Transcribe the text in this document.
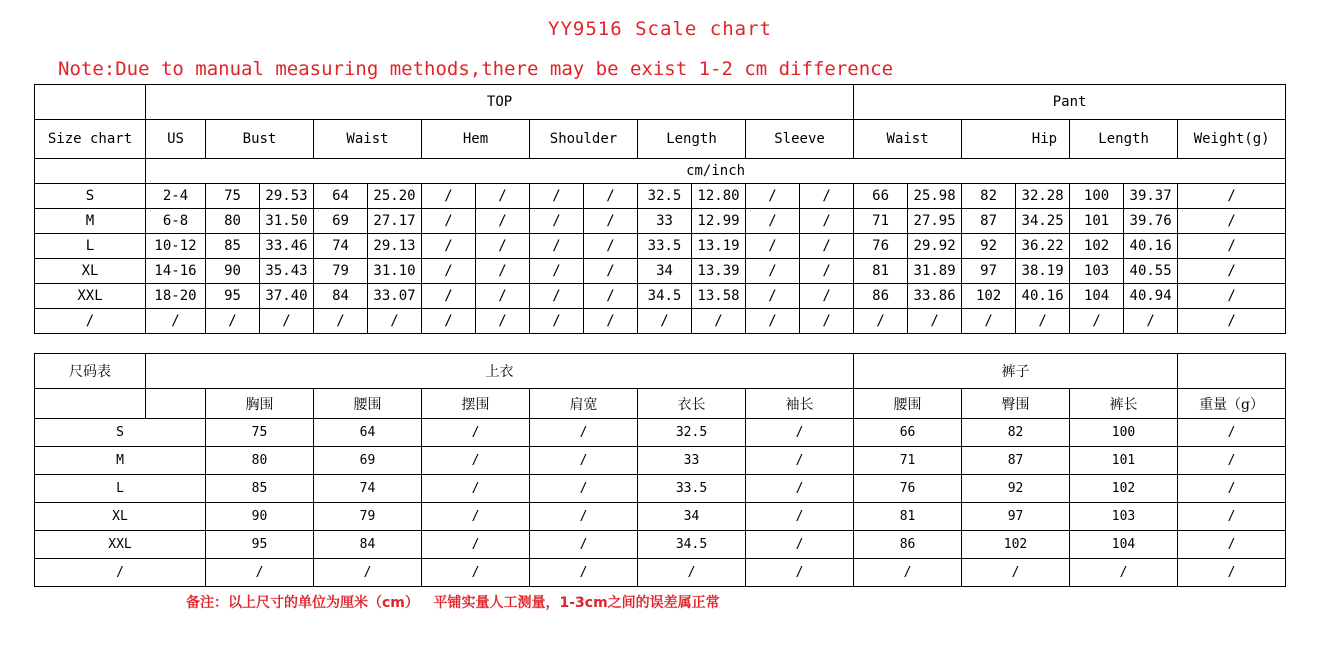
YY9516 Scale chart
Note:Due to manual measuring methods,there may be exist 1-2 cm difference
	TOP													Pant						
Size chart	US	Bust		Waist		Hem		Shoulder		Length		Sleeve		Waist		Hip		Length		Weight(g)
	cm/inch																			
S	2-4	75	29.53	64	25.20	/	/	/	/	32.5	12.80	/	/	66	25.98	82	32.28	100	39.37	/
M	6-8	80	31.50	69	27.17	/	/	/	/	33	12.99	/	/	71	27.95	87	34.25	101	39.76	/
L	10-12	85	33.46	74	29.13	/	/	/	/	33.5	13.19	/	/	76	29.92	92	36.22	102	40.16	/
XL	14-16	90	35.43	79	31.10	/	/	/	/	34	13.39	/	/	81	31.89	97	38.19	103	40.55	/
XXL	18-20	95	37.40	84	33.07	/	/	/	/	34.5	13.58	/	/	86	33.86	102	40.16	104	40.94	/
/	/	/	/	/	/	/	/	/	/	/	/	/	/	/	/	/	/	/	/	/
尺码表	上衣							裤子			
		胸围	腰围	摆围	肩宽	衣长	袖长	腰围	臀围	裤长	重量（g）
S		75	64	/	/	32.5	/	66	82	100	/
M		80	69	/	/	33	/	71	87	101	/
L		85	74	/	/	33.5	/	76	92	102	/
XL		90	79	/	/	34	/	81	97	103	/
XXL		95	84	/	/	34.5	/	86	102	104	/
/		/	/	/	/	/	/	/	/	/	/
备注：以上尺寸的单位为厘米（cm）   平铺实量人工测量，1-3cm之间的误差属正常
